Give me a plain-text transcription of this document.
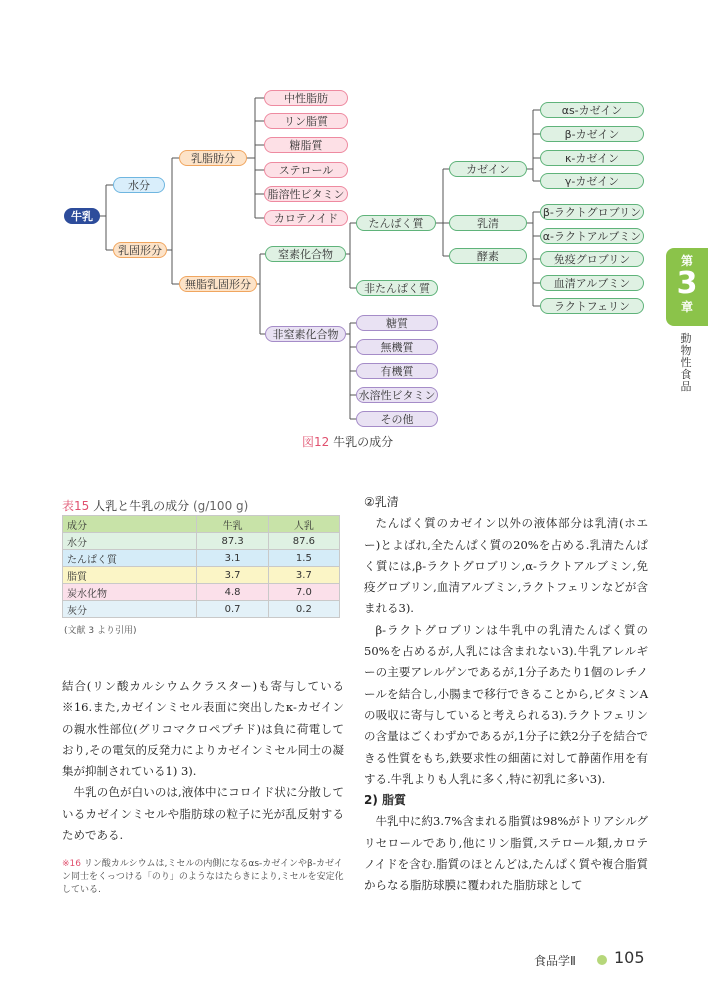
牛乳
水分
乳固形分
乳脂肪分
無脂乳固形分
中性脂肪
リン脂質
糖脂質
ステロール
脂溶性ビタミン
カロテノイド
窒素化合物
非窒素化合物
たんぱく質
非たんぱく質
糖質
無機質
有機質
水溶性ビタミン
その他
カゼイン
乳清
酵素
αs-カゼイン
β-カゼイン
κ-カゼイン
γ-カゼイン
β-ラクトグロブリン
α-ラクトアルブミン
免疫グロブリン
血清アルブミン
ラクトフェリン
図12 牛乳の成分
表15 人乳と牛乳の成分 (g/100 g)
成分	牛乳	人乳
水分	87.3	87.6
たんぱく質	3.1	1.5
脂質	3.7	3.7
炭水化物	4.8	7.0
灰分	0.7	0.2
(文献 3 より引用)

結合(リン酸カルシウムクラスター)も寄与している※16.また,カゼインミセル表面に突出したκ-カゼインの親水性部位(グリコマクロペプチド)は負に荷電しており,その電気的反発力によりカゼインミセル同士の凝集が抑制されている1) 3).

牛乳の色が白いのは,液体中にコロイド状に分散しているカゼインミセルや脂肪球の粒子に光が乱反射するためである.

※16 リン酸カルシウムは,ミセルの内側になるαs-カゼインやβ-カゼイン同士をくっつける「のり」のようなはたらきにより,ミセルを安定化している.

②乳清

たんぱく質のカゼイン以外の液体部分は乳清(ホエー)とよばれ,全たんぱく質の20%を占める.乳清たんぱく質には,β-ラクトグロブリン,α-ラクトアルブミン,免疫グロブリン,血清アルブミン,ラクトフェリンなどが含まれる3).

β-ラクトグロブリンは牛乳中の乳清たんぱく質の50%を占めるが,人乳には含まれない3).牛乳アレルギーの主要アレルゲンであるが,1分子あたり1個のレチノールを結合し,小腸まで移行できることから,ビタミンAの吸収に寄与していると考えられる3).ラクトフェリンの含量はごくわずかであるが,1分子に鉄2分子を結合できる性質をもち,鉄要求性の細菌に対して静菌作用を有する.牛乳よりも人乳に多く,特に初乳に多い3).

2) 脂質

牛乳中に約3.7%含まれる脂質は98%がトリアシルグリセロールであり,他にリン脂質,ステロール類,カロテノイドを含む.脂質のほとんどは,たんぱく質や複合脂質からなる脂肪球膜に覆われた脂肪球として

第
3
章
動物性食品
食品学Ⅱ 105
